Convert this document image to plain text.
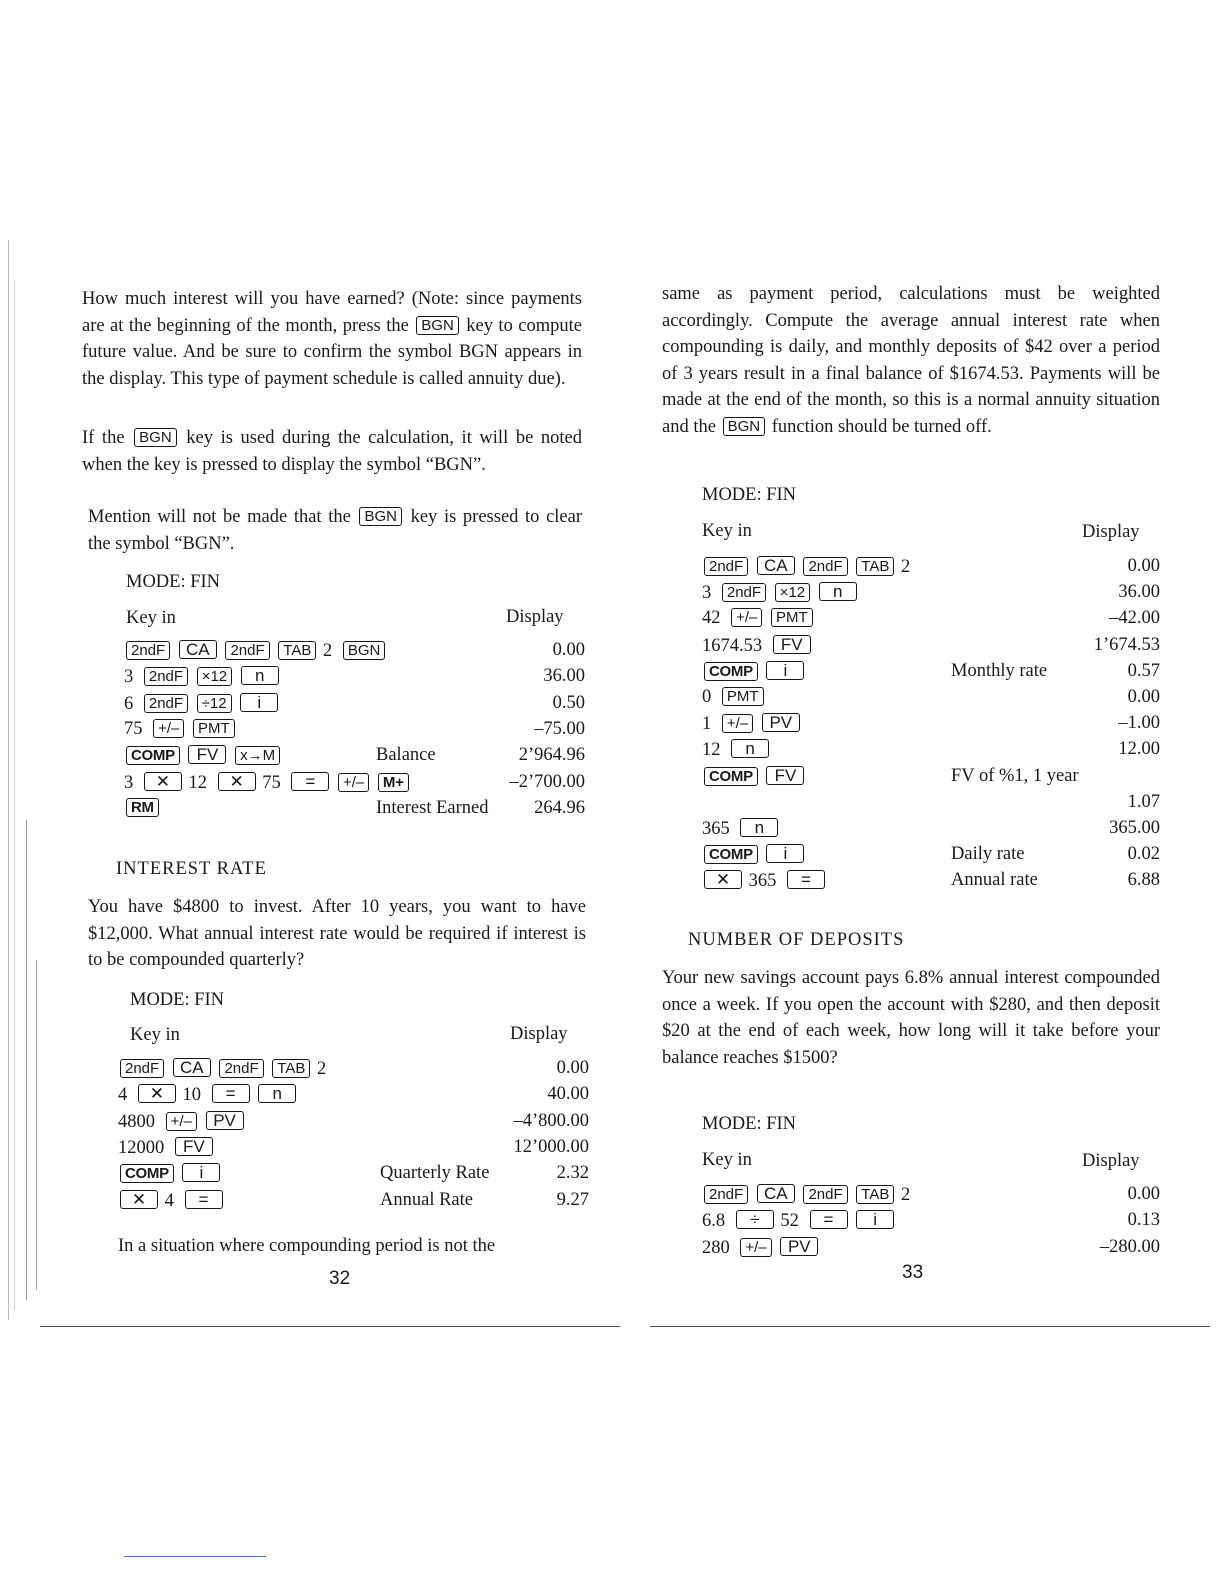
How much interest will you have earned? (Note: since payments are at the beginning of the month, press the BGN key to compute future value. And be sure to confirm the symbol BGN appears in the display. This type of payment schedule is called annuity due).
If the BGN key is used during the calculation, it will be noted when the key is pressed to display the symbol “BGN”.
Mention will not be made that the BGN key is pressed to clear the symbol “BGN”.
MODE: FIN
Key in	Display
2ndF CA 2ndF TAB 2 BGN	0.00
3 2ndF ×12 n	36.00
6 2ndF ÷12 i	0.50
75 +/– PMT	–75.00
COMP FV x→M	Balance	2’964.96
3 ✕ 12 ✕ 75 = +/– M+	–2’700.00
RM	Interest Earned 264.96
INTEREST RATE
You have $4800 to invest. After 10 years, you want to have $12,000. What annual interest rate would be required if interest is to be compounded quarterly?
MODE: FIN
Key in	Display
2ndF CA 2ndF TAB 2	0.00
4 ✕ 10 = n	40.00
4800 +/– PV	–4’800.00
12000 FV	12’000.00
COMP i	Quarterly Rate	2.32
✕ 4 =	Annual Rate	9.27
In a situation where compounding period is not the
32
same as payment period, calculations must be weighted accordingly. Compute the average annual interest rate when compounding is daily, and monthly deposits of $42 over a period of 3 years result in a final balance of $1674.53. Payments will be made at the end of the month, so this is a normal annuity situation and the BGN function should be turned off.
MODE: FIN
Key in	Display
2ndF CA 2ndF TAB 2	0.00
3 2ndF ×12 n	36.00
42 +/– PMT	–42.00
1674.53 FV	1’674.53
COMP i	Monthly rate	0.57
0 PMT	0.00
1 +/– PV	–1.00
12 n	12.00
COMP FV	FV of %1, 1 year
1.07
365 n	365.00
COMP i	Daily rate	0.02
✕ 365 =	Annual rate	6.88
NUMBER OF DEPOSITS
Your new savings account pays 6.8% annual interest compounded once a week. If you open the account with $280, and then deposit $20 at the end of each week, how long will it take before your balance reaches $1500?
MODE: FIN
Key in	Display
2ndF CA 2ndF TAB 2	0.00
6.8 ÷ 52 = i	0.13
280 +/– PV	–280.00
33
